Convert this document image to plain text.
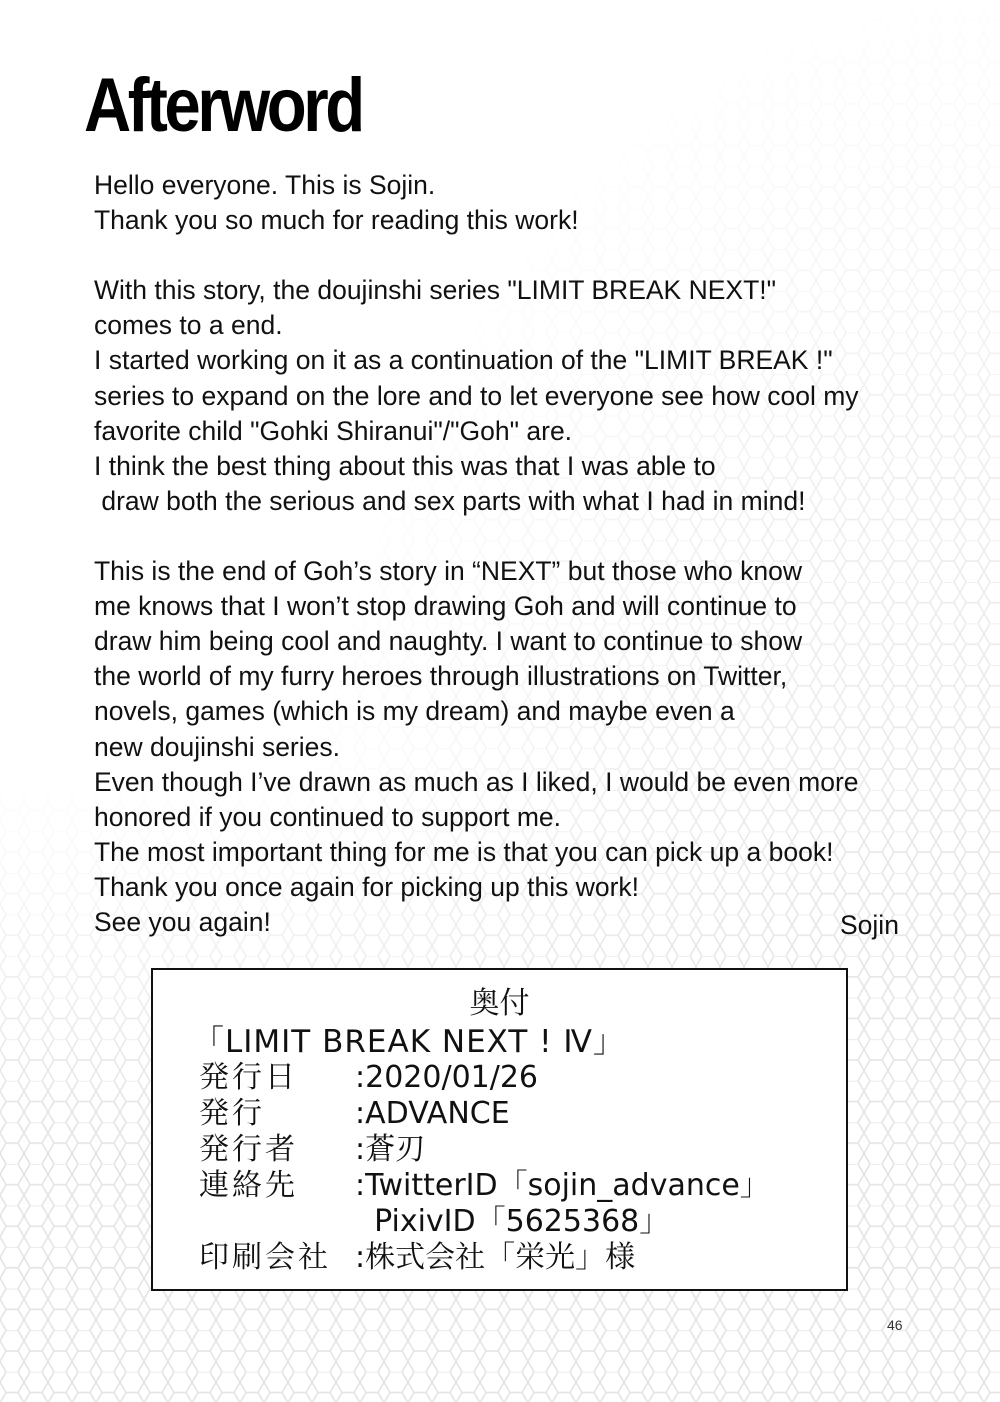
Afterword
Hello everyone. This is Sojin.
Thank you so much for reading this work!
With this story, the doujinshi series "LIMIT BREAK NEXT!"
comes to a end.
I started working on it as a continuation of the "LIMIT BREAK !"
series to expand on the lore and to let everyone see how cool my
favorite child "Gohki Shiranui"/"Goh" are.
I think the best thing about this was that I was able to
draw both the serious and sex parts with what I had in mind!
This is the end of Goh’s story in “NEXT” but those who know
me knows that I won’t stop drawing Goh and will continue to
draw him being cool and naughty. I want to continue to show
the world of my furry heroes through illustrations on Twitter,
novels, games (which is my dream) and maybe even a
new doujinshi series.
Even though I’ve drawn as much as I liked, I would be even more
honored if you continued to support me.
The most important thing for me is that you can pick up a book!
Thank you once again for picking up this work!
See you again!	Sojin
奥付
「LIMIT BREAK NEXT ! Ⅳ」
発行日 :2020/01/26
発行	:ADVANCE
発行者 :蒼刃
連絡先 :TwitterID「sojin_advance」
PixivID「5625368」
印刷会社 :株式会社「栄光」様
46
